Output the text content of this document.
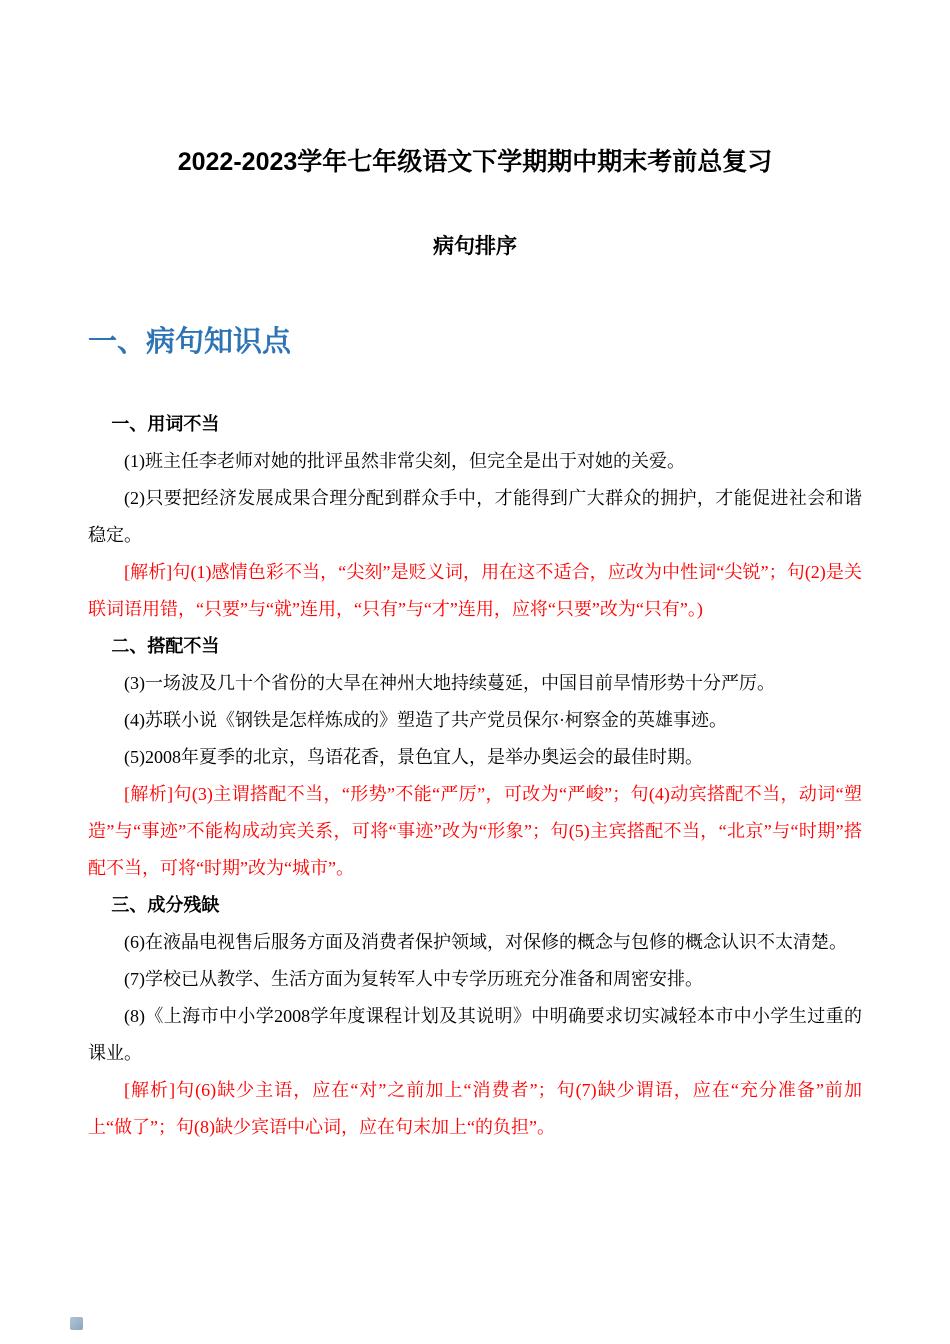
2022-2023学年七年级语文下学期期中期末考前总复习
病句排序
一、病句知识点

一、用词不当

(1)班主任李老师对她的批评虽然非常尖刻，但完全是出于对她的关爱。

(2)只要把经济发展成果合理分配到群众手中，才能得到广大群众的拥护，才能促进社会和谐稳定。

[解析]句(1)感情色彩不当，“尖刻”是贬义词，用在这不适合，应改为中性词“尖锐”；句(2)是关联词语用错，“只要”与“就”连用，“只有”与“才”连用，应将“只要”改为“只有”。)

二、搭配不当

(3)一场波及几十个省份的大旱在神州大地持续蔓延，中国目前旱情形势十分严厉。

(4)苏联小说《钢铁是怎样炼成的》塑造了共产党员保尔·柯察金的英雄事迹。

(5)2008年夏季的北京，鸟语花香，景色宜人，是举办奥运会的最佳时期。

[解析]句(3)主谓搭配不当，“形势”不能“严厉”，可改为“严峻”；句(4)动宾搭配不当，动词“塑造”与“事迹”不能构成动宾关系，可将“事迹”改为“形象”；句(5)主宾搭配不当，“北京”与“时期”搭配不当，可将“时期”改为“城市”。

三、成分残缺

(6)在液晶电视售后服务方面及消费者保护领域，对保修的概念与包修的概念认识不太清楚。

(7)学校已从教学、生活方面为复转军人中专学历班充分准备和周密安排。

(8)《上海市中小学2008学年度课程计划及其说明》中明确要求切实减轻本市中小学生过重的课业。

[解析]句(6)缺少主语，应在“对”之前加上“消费者”；句(7)缺少谓语，应在“充分准备”前加上“做了”；句(8)缺少宾语中心词，应在句末加上“的负担”。
